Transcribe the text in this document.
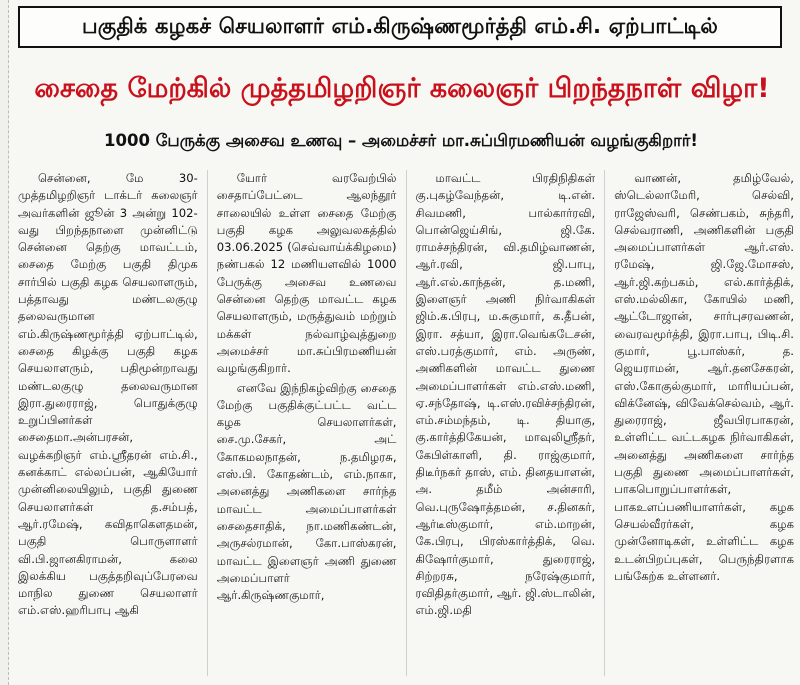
பகுதிக் கழகச் செயலாளர் எம்.கிருஷ்ணமூர்த்தி எம்.சி. ஏற்பாட்டில்
சைதை மேற்கில் முத்தமிழறிஞர் கலைஞர் பிறந்தநாள் விழா!
1000 பேருக்கு அசைவ உணவு – அமைச்சர் மா.சுப்பிரமணியன் வழங்குகிறார்!

சென்னை, மே 30- முத்தமிழறிஞர் டாக்டர் கலைஞர் அவர்களின் ஜூன் 3 அன்று 102-வது பிறந்தநாளை முன்னிட்டு சென்னை தெற்கு மாவட்டம், சைதை மேற்கு பகுதி திமுக சார்பில் பகுதி கழக செயலாளரும், பத்தாவது மண்டலகுழு தலைவருமான எம்.கிருஷ்ணமூர்த்தி ஏற்பாட்டில், சைதை கிழக்கு பகுதி கழக செயலாளரும், பதிமூன்றாவது மண்டலகுழு தலைவருமான இரா.துரைராஜ், பொதுக்குழு உறுப்பினர்கள் சைதைமா.அன்பரசன், வழக்கறிஞர் எம்.ஸ்ரீதரன் எம்.சி., கனக்காட் எல்லப்பன், ஆகியோர் முன்னிலையிலும், பகுதி துணை செயலாளர்கள் த.சம்பத், ஆர்.ரமேஷ், கவிதாகௌதமன், பகுதி பொருளாளர் வி.பி.ஜானகிராமன், கலை இலக்கிய பகுத்தறிவுப்பேரவை மாநில துணை செயலாளர் எம்.எஸ்.ஹரிபாபு ஆகி

யோர் வரவேற்பில் சைதாப்பேட்டை ஆலந்தூர் சாலையில் உள்ள சைதை மேற்கு பகுதி கழக அலுவலகத்தில் 03.06.2025 (செவ்வாய்க்கிழமை) நண்பகல் 12 மணியளவில் 1000 பேருக்கு அசைவ உணவை சென்னை தெற்கு மாவட்ட கழக செயலாளரும், மருத்துவம் மற்றும் மக்கள் நல்வாழ்வுத்துறை அமைச்சர் மா.சுப்பிரமணியன் வழங்குகிறார்.

எனவே இந்நிகழ்விற்கு சைதை மேற்கு பகுதிக்குட்பட்ட வட்ட கழக செயலாளர்கள், சை.மு.சேகர், அட் கோகமலநாதன், ந.தமிழரசு, எஸ்.பி. கோதண்டம், எம்.நாகா, அனைத்து அணிகளை சார்ந்த மாவட்ட அமைப்பாளர்கள் சைதைசாதிக், நா.மணிகண்டன், அருசல்ரமான், கோ.பாஸ்கரன், மாவட்ட இளைஞர் அணி துணை அமைப்பாளர் ஆர்.கிருஷ்ணகுமார்,

மாவட்ட பிரதிநிதிகள் கு.புகழ்வேந்தன், டி.என். சிவமணி, பால்கார்ரவி, பொன்ஜெய்சிங், ஜி.கே. ராமச்சந்திரன், வி.தமிழ்வாணன், ஆர்.ரவி, ஜி.பாபு, ஆர்.எல்.காந்தன், த.மணி, இளைஞர் அணி நிர்வாகிகள் ஜிம்.க.பிரபு, ம.சுகுமார், க.தீபன், இரா. சத்யா, இரா.வெங்கடேசன், எஸ்.பரத்குமார், எம். அருண், அணிகளின் மாவட்ட துணை அமைப்பாளர்கள் எம்.எஸ்.மணி, ஏ.சந்தோஷ், டி.எஸ்.ரவிச்சந்திரன், எம்.சம்மந்தம், டி. தியாகு, கு.கார்த்திகேயன், மாவுலிஸ்ரீதர், கேபிள்காளி, தி. ராஜ்குமார், திடீர்நகர் தாஸ், எம். தினதயாளன், அ. தமீம் அன்சாரி, வெ.புருஷோத்தமன், ச.தினகர், ஆர்டீஸ்குமார், எம்.மாறன், கே.பிரபு, பிரஸ்கார்த்திக், வெ. கிஷோர்குமார், துரைராஜ், சிற்றரசு, நரேஷ்குமார், ரவிதிதர்குமார், ஆர். ஜி.ஸ்டாலின், எம்.ஜி.மதி

வாணன், தமிழ்வேல், ஸ்டெல்லாமேரி, செல்வி, ராஜேஸ்வரி, செண்பகம், சுந்தரி, செல்வராணி, அணிகளின் பகுதி அமைப்பாளர்கள் ஆர்.எஸ். ரமேஷ், ஜி.ஜே.மோசஸ், ஆர்.ஜி.கற்பகம், எல்.கார்த்திக், எஸ்.மல்லிகா, கோயில் மணி, ஆட்டோஜான், சார்புசரவணன், வைரவமூர்த்தி, இரா.பாபு, பிடி.சி. குமார், பூ.பாஸ்கர், த. ஜெயராமன், ஆர்.தனசேகரன், எஸ்.கோகுல்குமார், மாரியப்பன், விக்னேஷ், விவேக்செல்வம், ஆர். துரைராஜ், ஜீவபிரபாகரன், உள்ளிட்ட வட்டகழக நிர்வாகிகள், அனைத்து அணிகளை சார்ந்த பகுதி துணை அமைப்பாளர்கள், பாகபொறுப்பாளர்கள், பாகஉளப்பணியாளர்கள், கழக செயல்வீரர்கள், கழக முன்னோடிகள், உள்ளிட்ட கழக உடன்பிறப்புகள், பெருந்திரளாக பங்கேற்க உள்ளனர்.
